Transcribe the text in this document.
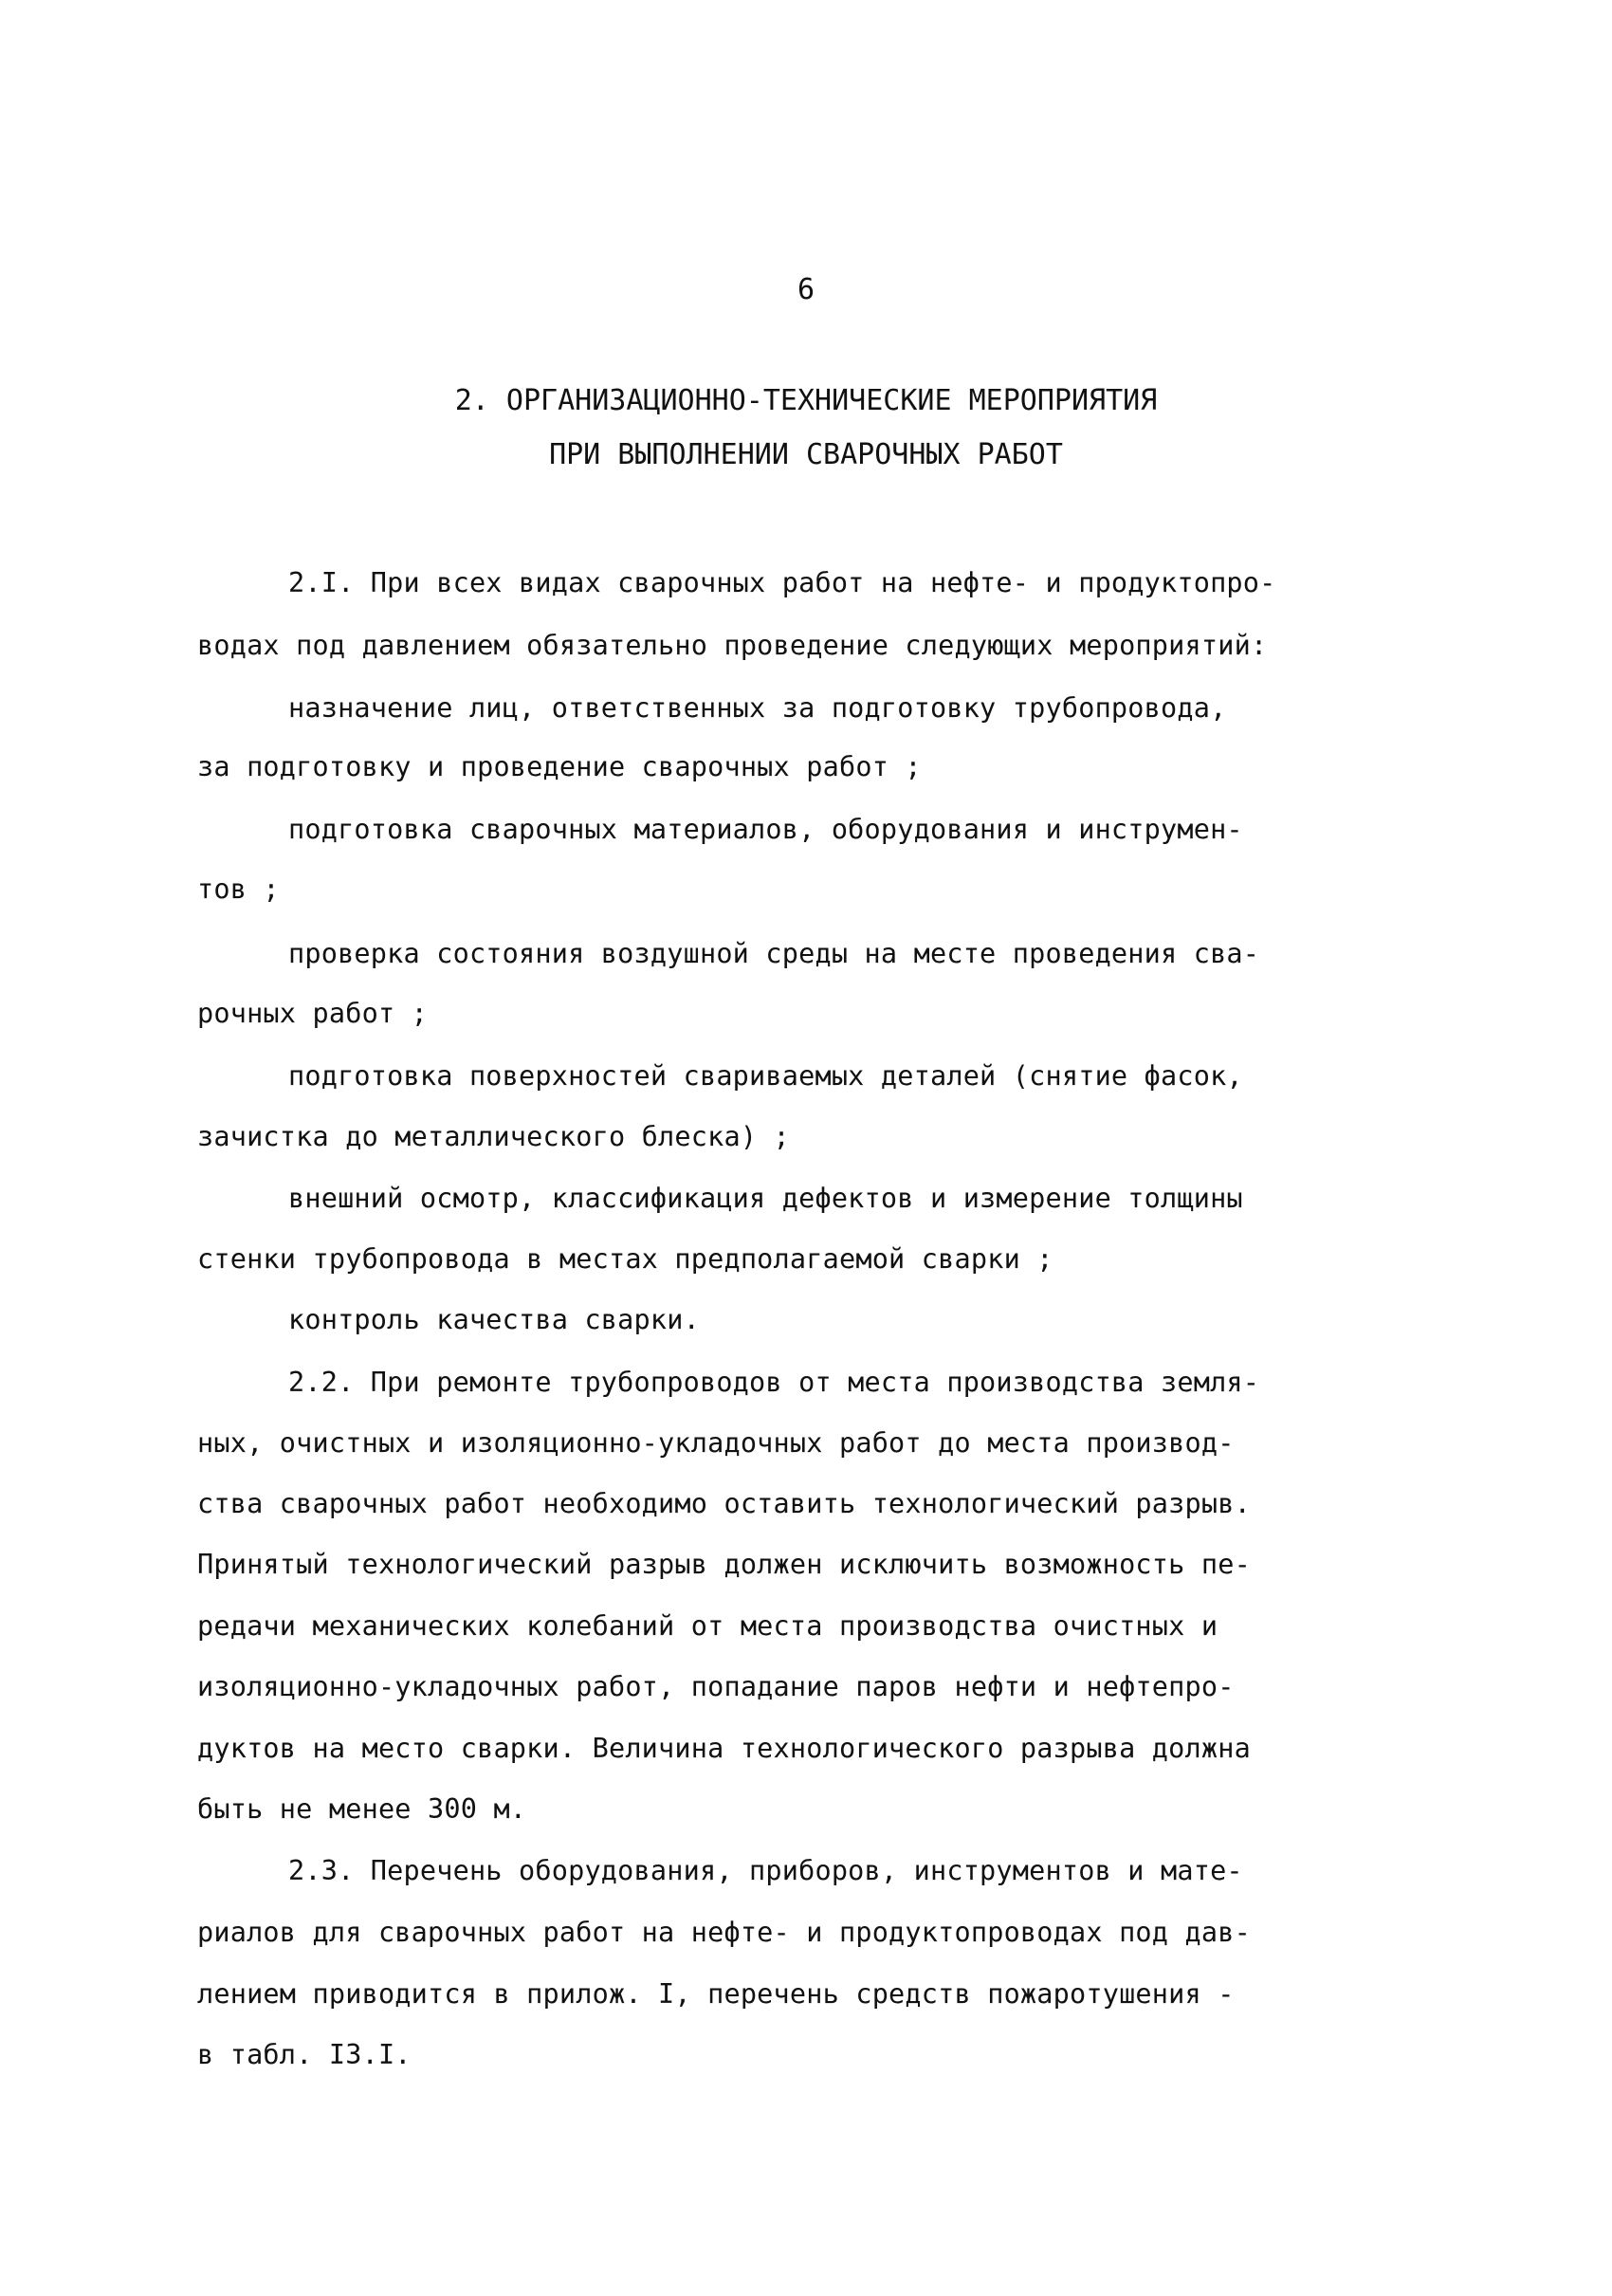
6
2. ОРГАНИЗАЦИОННО-ТЕХНИЧЕСКИЕ МЕРОПРИЯТИЯ
ПРИ ВЫПОЛНЕНИИ СВАРОЧНЫХ РАБОТ
2.I. При всех видах сварочных работ на нефте- и продуктопро-
водах под давлением обязательно проведение следующих мероприятий:
назначение лиц, ответственных за подготовку трубопровода,
за подготовку и проведение сварочных работ ;
подготовка сварочных материалов, оборудования и инструмен-
тов ;
проверка состояния воздушной среды на месте проведения сва-
рочных работ ;
подготовка поверхностей свариваемых деталей (снятие фасок,
зачистка до металлического блеска) ;
внешний осмотр, классификация дефектов и измерение толщины
стенки трубопровода в местах предполагаемой сварки ;
контроль качества сварки.
2.2. При ремонте трубопроводов от места производства земля-
ных, очистных и изоляционно-укладочных работ до места производ-
ства сварочных работ необходимо оставить технологический разрыв.
Принятый технологический разрыв должен исключить возможность пе-
редачи механических колебаний от места производства очистных и
изоляционно-укладочных работ, попадание паров нефти и нефтепро-
дуктов на место сварки. Величина технологического разрыва должна
быть не менее 300 м.
2.3. Перечень оборудования, приборов, инструментов и мате-
риалов для сварочных работ на нефте- и продуктопроводах под дав-
лением приводится в прилож. I, перечень средств пожаротушения -
в табл. I3.I.
